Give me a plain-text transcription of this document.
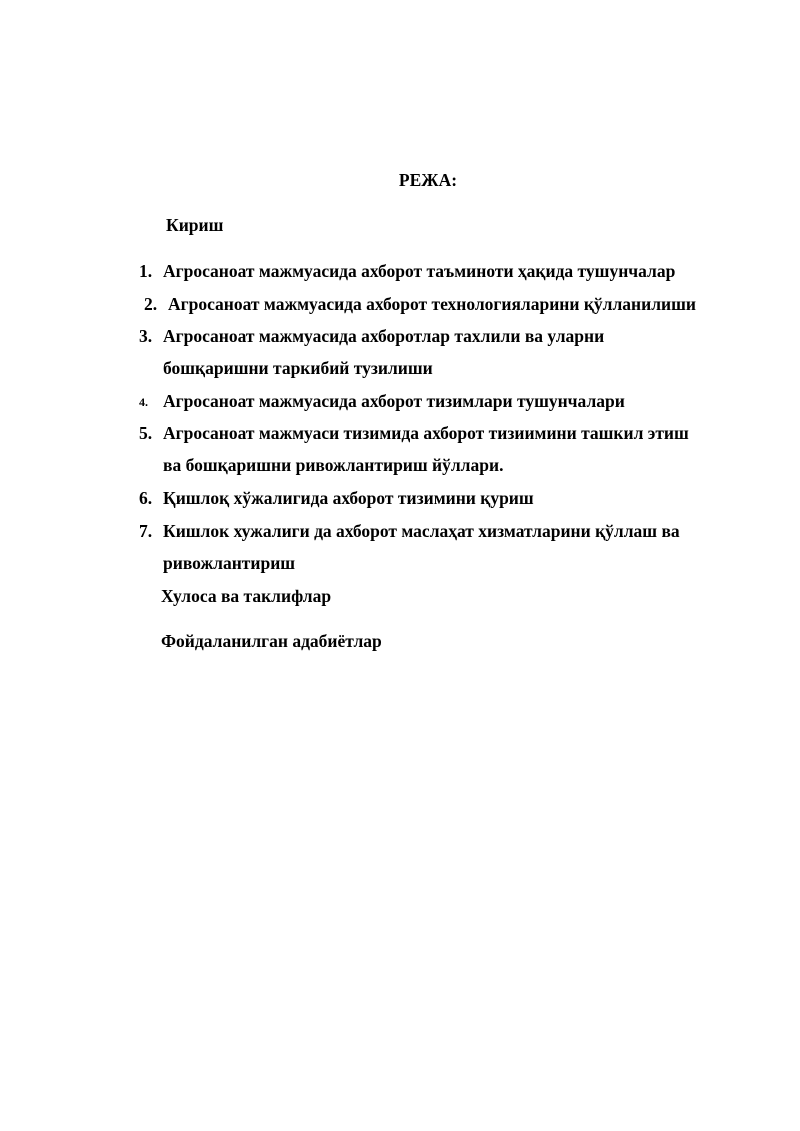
РЕЖА:
Кириш
1. Агросаноат мажмуасида ахборот таъминоти ҳақида тушунчалар
2. Агросаноат мажмуасида ахборот технологияларини қўлланилиши
3. Агросаноат мажмуасида ахборотлар тахлили ва уларни
бошқаришни таркибий тузилиши
4. Агросаноат мажмуасида ахборот тизимлари тушунчалари
5. Агросаноат мажмуаси тизимида ахборот тизиимини ташкил этиш
ва бошқаришни ривожлантириш йўллари.
6. Қишлоқ хўжалигида ахборот тизимини қуриш
7. Кишлок хужалиги да ахборот маслаҳат хизматларини қўллаш ва
ривожлантириш
Хулоса ва таклифлар
Фойдаланилган адабиётлар
